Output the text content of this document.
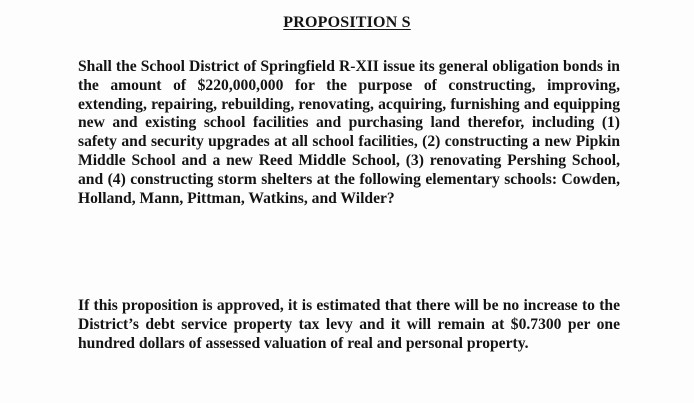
PROPOSITION S

Shall the School District of Springfield R-XII issue its general obligation bonds in the amount of $220,000,000 for the purpose of constructing, improving, extending, repairing, rebuilding, renovating, acquiring, furnishing and equipping new and existing school facilities and purchasing land therefor, including (1) safety and security upgrades at all school facilities, (2) constructing a new Pipkin Middle School and a new Reed Middle School, (3) renovating Pershing School, and (4) constructing storm shelters at the following elementary schools: Cowden, Holland, Mann, Pittman, Watkins, and Wilder?

If this proposition is approved, it is estimated that there will be no increase to the District’s debt service property tax levy and it will remain at $0.7300 per one hundred dollars of assessed valuation of real and personal property.
